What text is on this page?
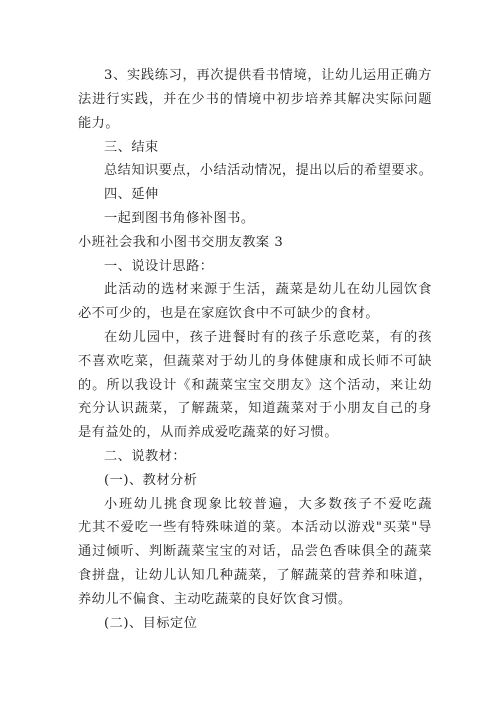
3、实践练习，再次提供看书情境，让幼儿运用正确方
法进行实践，并在少书的情境中初步培养其解决实际问题
能力。
三、结束
总结知识要点，小结活动情况，提出以后的希望要求。
四、延伸
一起到图书角修补图书。
小班社会我和小图书交朋友教案 3
一、说设计思路：
此活动的选材来源于生活，蔬菜是幼儿在幼儿园饮食
必不可少的，也是在家庭饮食中不可缺少的食材。
在幼儿园中，孩子进餐时有的孩子乐意吃菜，有的孩
不喜欢吃菜，但蔬菜对于幼儿的身体健康和成长师不可缺
的。所以我设计《和蔬菜宝宝交朋友》这个活动，来让幼
充分认识蔬菜，了解蔬菜，知道蔬菜对于小朋友自己的身
是有益处的，从而养成爱吃蔬菜的好习惯。
二、说教材：
(一)、教材分析
小班幼儿挑食现象比较普遍，大多数孩子不爱吃蔬
尤其不爱吃一些有特殊味道的菜。本活动以游戏"买菜"导
通过倾听、判断蔬菜宝宝的对话，品尝色香味俱全的蔬菜
食拼盘，让幼儿认知几种蔬菜，了解蔬菜的营养和味道，
养幼儿不偏食、主动吃蔬菜的良好饮食习惯。
(二)、目标定位
